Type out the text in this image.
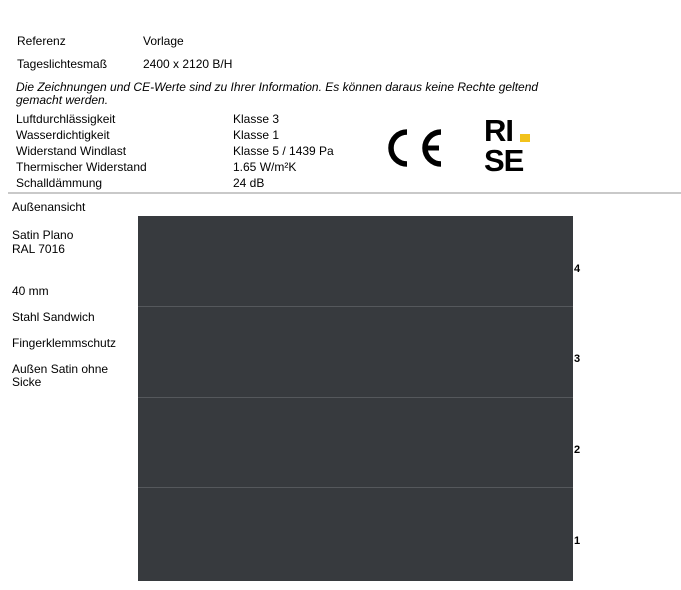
Referenz	Vorlage
Tageslichtesmaß	2400 x 2120 B/H
Die Zeichnungen und CE-Werte sind zu Ihrer Information. Es können daraus keine Rechte geltend gemacht werden.
Luftdurchlässigkeit	Klasse 3
Wasserdichtigkeit	Klasse 1
Widerstand Windlast	Klasse 5 / 1439 Pa
Thermischer Widerstand	1.65 W/m²K
Schalldämmung	24 dB
RI
SE
Außenansicht
Satin Plano
RAL 7016
40 mm
Stahl Sandwich
Fingerklemmschutz
Außen Satin ohne
Sicke
4
3
2
1
